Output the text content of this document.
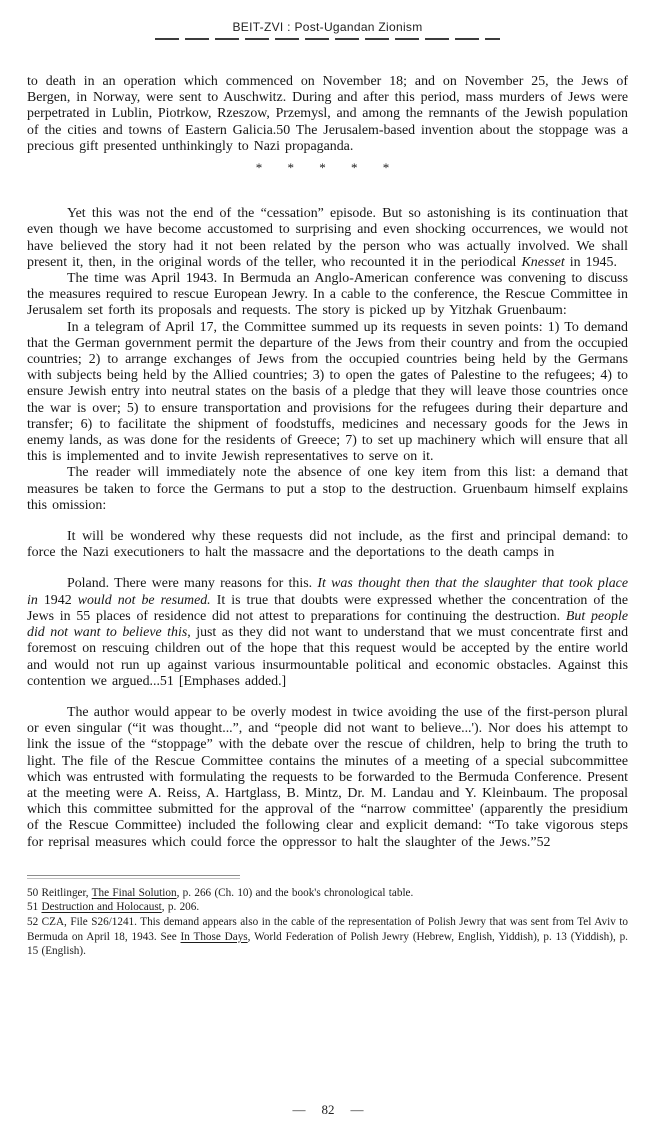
BEIT-ZVI : Post-Ugandan Zionism

to death in an operation which commenced on November 18; and on November 25, the Jews of Bergen, in Norway, were sent to Auschwitz. During and after this period, mass murders of Jews were perpetrated in Lublin, Piotrkow, Rzeszow, Przemysl, and among the remnants of the Jewish population of the cities and towns of Eastern Galicia.50 The Jerusalem-based invention about the stoppage was a precious gift presented unthinkingly to Nazi propaganda.

* * * * *

Yet this was not the end of the “cessation” episode. But so astonishing is its continuation that even though we have become accustomed to surprising and even shocking occurrences, we would not have believed the story had it not been related by the person who was actually involved. We shall present it, then, in the original words of the teller, who recounted it in the periodical Knesset in 1945.

The time was April 1943. In Bermuda an Anglo-American conference was convening to discuss the measures required to rescue European Jewry. In a cable to the conference, the Rescue Committee in Jerusalem set forth its proposals and requests. The story is picked up by Yitzhak Gruenbaum:

In a telegram of April 17, the Committee summed up its requests in seven points: 1) To demand that the German government permit the departure of the Jews from their country and from the occupied countries; 2) to arrange exchanges of Jews from the occupied countries being held by the Germans with subjects being held by the Allied countries; 3) to open the gates of Palestine to the refugees; 4) to ensure Jewish entry into neutral states on the basis of a pledge that they will leave those countries once the war is over; 5) to ensure transportation and provisions for the refugees during their departure and transfer; 6) to facilitate the shipment of foodstuffs, medicines and necessary goods for the Jews in enemy lands, as was done for the residents of Greece; 7) to set up machinery which will ensure that all this is implemented and to invite Jewish representatives to serve on it.

The reader will immediately note the absence of one key item from this list: a demand that measures be taken to force the Germans to put a stop to the destruction. Gruenbaum himself explains this omission:

It will be wondered why these requests did not include, as the first and principal demand: to force the Nazi executioners to halt the massacre and the deportations to the death camps in

Poland. There were many reasons for this. It was thought then that the slaughter that took place in 1942 would not be resumed. It is true that doubts were expressed whether the concentration of the Jews in 55 places of residence did not attest to preparations for continuing the destruction. But people did not want to believe this, just as they did not want to understand that we must concentrate first and foremost on rescuing children out of the hope that this request would be accepted by the entire world and would not run up against various insurmountable political and economic obstacles. Against this contention we argued...51 [Emphases added.]

The author would appear to be overly modest in twice avoiding the use of the first-person plural or even singular (“it was thought...”, and “people did not want to believe...'). Nor does his attempt to link the issue of the “stoppage” with the debate over the rescue of children, help to bring the truth to light. The file of the Rescue Committee contains the minutes of a meeting of a special subcommittee which was entrusted with formulating the requests to be forwarded to the Bermuda Conference. Present at the meeting were A. Reiss, A. Hartglass, B. Mintz, Dr. M. Landau and Y. Kleinbaum. The proposal which this committee submitted for the approval of the “narrow committee' (apparently the presidium of the Rescue Committee) included the following clear and explicit demand: “To take vigorous steps for reprisal measures which could force the oppressor to halt the slaughter of the Jews.”52

50 Reitlinger, The Final Solution, p. 266 (Ch. 10) and the book's chronological table.

51 Destruction and Holocaust, p. 206.

52 CZA, File S26/1241. This demand appears also in the cable of the representation of Polish Jewry that was sent from Tel Aviv to Bermuda on April 18, 1943. See In Those Days, World Federation of Polish Jewry (Hebrew, English, Yiddish), p. 13 (Yiddish), p. 15 (English).

— 82 —
